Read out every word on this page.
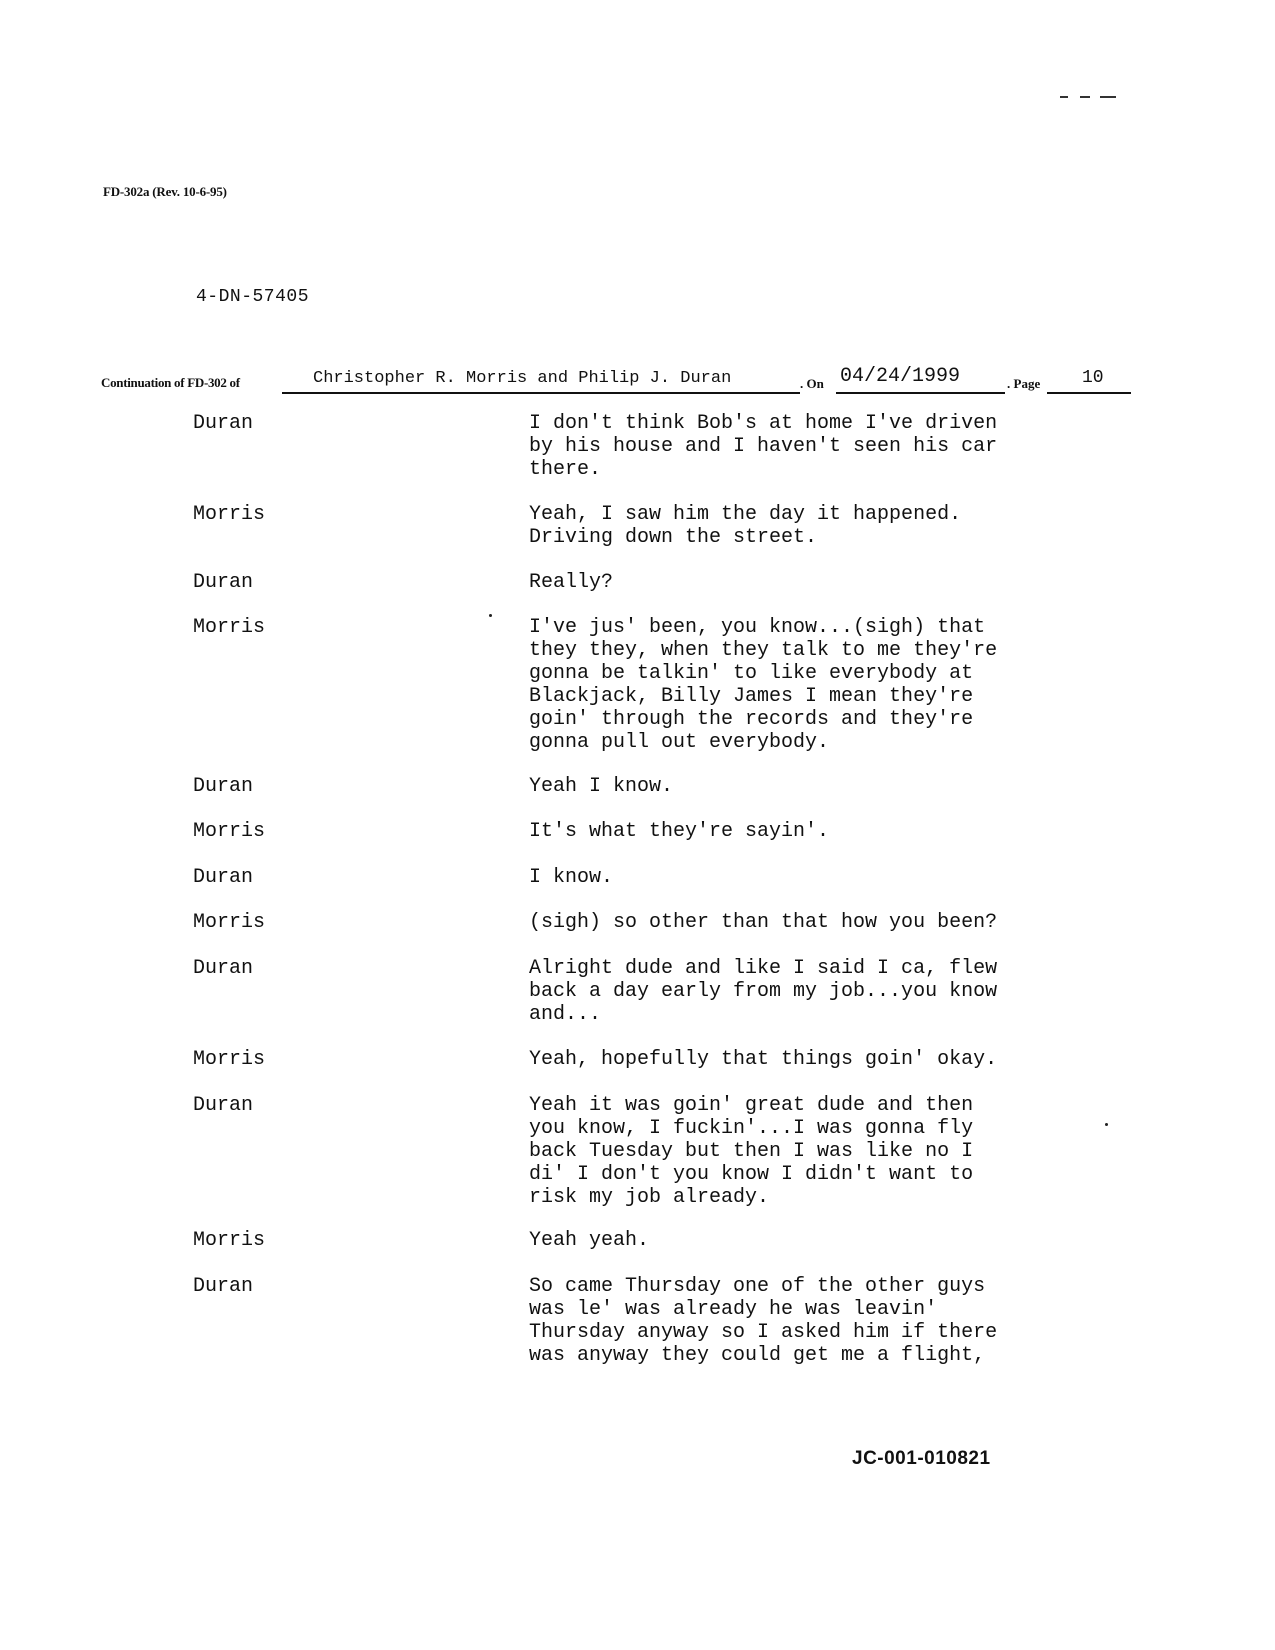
FD-302a (Rev. 10-6-95)
4-DN-57405
Continuation of FD-302 of	Christopher R. Morris and Philip J. Duran	. On 04/24/1999	. Page 10
Duran	I don't think Bob's at home I've driven
by his house and I haven't seen his car
there.
Morris	Yeah, I saw him the day it happened.
Driving down the street.
Duran	Really?
Morris	I've jus' been, you know...(sigh) that
they they, when they talk to me they're
gonna be talkin' to like everybody at
Blackjack, Billy James I mean they're
goin' through the records and they're
gonna pull out everybody.
Duran	Yeah I know.
Morris	It's what they're sayin'.
Duran	I know.
Morris	(sigh) so other than that how you been?
Duran	Alright dude and like I said I ca, flew
back a day early from my job...you know
and...
Morris	Yeah, hopefully that things goin' okay.
Duran	Yeah it was goin' great dude and then
you know, I fuckin'...I was gonna fly
back Tuesday but then I was like no I
di' I don't you know I didn't want to
risk my job already.
Morris	Yeah yeah.
Duran	So came Thursday one of the other guys
was le' was already he was leavin'
Thursday anyway so I asked him if there
was anyway they could get me a flight,
JC-001-010821
